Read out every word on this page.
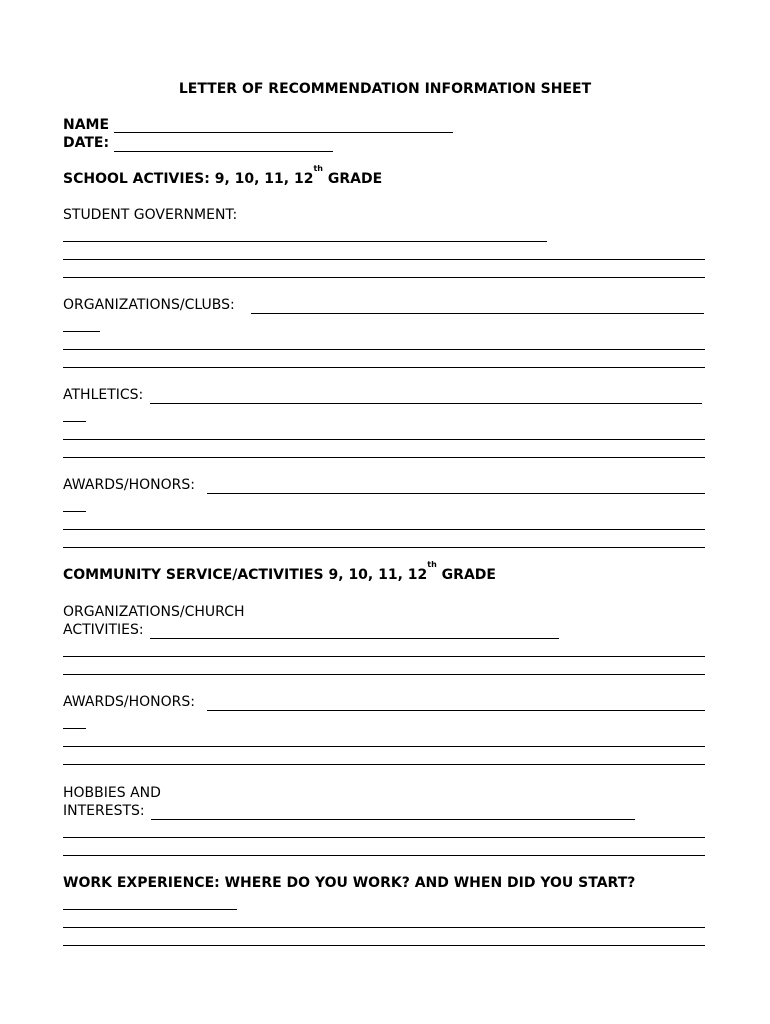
LETTER OF RECOMMENDATION INFORMATION SHEET
NAME
DATE:
SCHOOL ACTIVIES: 9, 10, 11, 12th GRADE
STUDENT GOVERNMENT:
ORGANIZATIONS/CLUBS:
ATHLETICS:
AWARDS/HONORS:
COMMUNITY SERVICE/ACTIVITIES 9, 10, 11, 12th GRADE
ORGANIZATIONS/CHURCH
ACTIVITIES:
AWARDS/HONORS:
HOBBIES AND
INTERESTS:
WORK EXPERIENCE: WHERE DO YOU WORK? AND WHEN DID YOU START?
